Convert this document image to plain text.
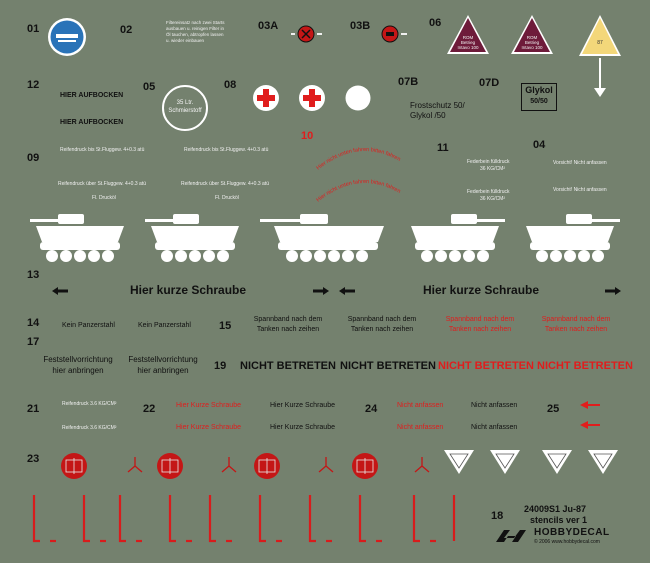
01	02
Filtereinsatz nach zwei Starts
ausbauen u. reinigen Filter in
Öl tauchen, abtropfen lassen
u. wieder einbauen
03A	03B	06
ROM
Betrieg
Intavo 100
ROM
Betrieg
Intavo 100
87
12
HIER AUFBOCKEN
HIER AUFBOCKEN
05
35 Ltr.
Schmierstoff
08	07B
Frostschutz 50/
Glykol /50
07D
Glykol
50/50
10
Hier nicht unten fahren bitten fahren
Hier nicht unten fahren bitten fahren
11	04
09
Reifendruck bis St.Fluggew. 4+0.3 atü	Reifendruck bis St.Fluggew. 4+0.3 atü
Reifendruck über St.Fluggew. 4+0.3 atü	Reifendruck über St.Fluggew. 4+0.3 atü
Fl. Drucköl	Fl. Drucköl
Federbein fülldruck
36 KG/CM²
Federbein fülldruck
36 KG/CM²
Vorsicht! Nicht anfassen
Vorsicht! Nicht anfassen
13
Hier kurze Schraube	Hier kurze Schraube
14
17
Kein Panzerstahl	Kein Panzerstahl	15
Spannband nach dem
Tanken nach zeihen
Spannband nach dem
Tanken nach zeihen
Spannband nach dem
Tanken nach zeihen
Spannband nach dem
Tanken nach zeihen
Feststellvorrichtung
hier anbringen
Feststellvorrichtung
hier anbringen	19 NICHT BETRETEN NICHT BETRETEN NICHT BETRETEN NICHT BETRETEN
21	Reifendruck 3.6 KG/CM²
Reifendruck 3.6 KG/CM²
22	Hier Kurze Schraube	Hier Kurze Schraube
Hier Kurze Schraube	Hier Kurze Schraube
24	Nicht anfassen	Nicht anfassen
Nicht anfassen	Nicht anfassen
25
23
18
24009S1 Ju-87
stencils ver 1
HOBBYDECAL
© 2006 www.hobbydecal.com
